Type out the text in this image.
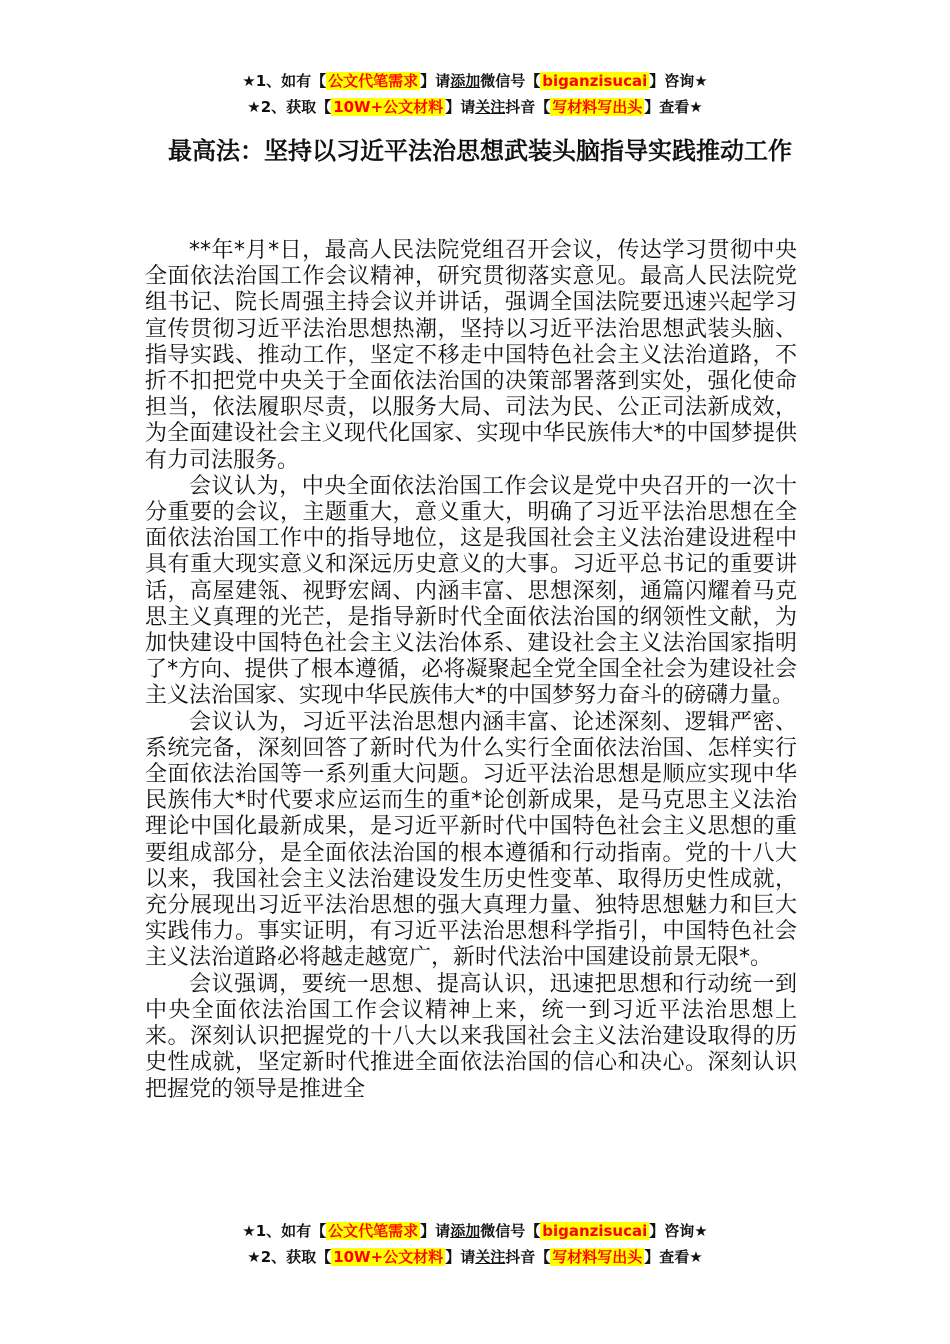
★1、如有【 公文代笔需求 】请添加微信号【 biganzisucai 】咨询★
★2、获取【 10W+公文材料 】请关注抖音【 写材料写出头 】查看★
最高法：坚持以习近平法治思想武装头脑指导实践推动工作

**年*月*日，最高人民法院党组召开会议，传达学习贯彻中央全面依法治国工作会议精神，研究贯彻落实意见。最高人民法院党组书记、院长周强主持会议并讲话，强调全国法院要迅速兴起学习宣传贯彻习近平法治思想热潮，坚持以习近平法治思想武装头脑、指导实践、推动工作，坚定不移走中国特色社会主义法治道路，不折不扣把党中央关于全面依法治国的决策部署落到实处，强化使命担当，依法履职尽责，以服务大局、司法为民、公正司法新成效，为全面建设社会主义现代化国家、实现中华民族伟大*的中国梦提供有力司法服务。

会议认为，中央全面依法治国工作会议是党中央召开的一次十分重要的会议，主题重大，意义重大，明确了习近平法治思想在全面依法治国工作中的指导地位，这是我国社会主义法治建设进程中具有重大现实意义和深远历史意义的大事。习近平总书记的重要讲话，高屋建瓴、视野宏阔、内涵丰富、思想深刻，通篇闪耀着马克思主义真理的光芒，是指导新时代全面依法治国的纲领性文献，为加快建设中国特色社会主义法治体系、建设社会主义法治国家指明了*方向、提供了根本遵循，必将凝聚起全党全国全社会为建设社会主义法治国家、实现中华民族伟大*的中国梦努力奋斗的磅礴力量。

会议认为，习近平法治思想内涵丰富、论述深刻、逻辑严密、系统完备，深刻回答了新时代为什么实行全面依法治国、怎样实行全面依法治国等一系列重大问题。习近平法治思想是顺应实现中华民族伟大*时代要求应运而生的重*论创新成果，是马克思主义法治理论中国化最新成果，是习近平新时代中国特色社会主义思想的重要组成部分，是全面依法治国的根本遵循和行动指南。党的十八大以来，我国社会主义法治建设发生历史性变革、取得历史性成就，充分展现出习近平法治思想的强大真理力量、独特思想魅力和巨大实践伟力。事实证明，有习近平法治思想科学指引，中国特色社会主义法治道路必将越走越宽广，新时代法治中国建设前景无限*。

会议强调，要统一思想、提高认识，迅速把思想和行动统一到中央全面依法治国工作会议精神上来，统一到习近平法治思想上来。深刻认识把握党的十八大以来我国社会主义法治建设取得的历史性成就，坚定新时代推进全面依法治国的信心和决心。深刻认识把握党的领导是推进全

★1、如有【 公文代笔需求 】请添加微信号【 biganzisucai 】咨询★
★2、获取【 10W+公文材料 】请关注抖音【 写材料写出头 】查看★
